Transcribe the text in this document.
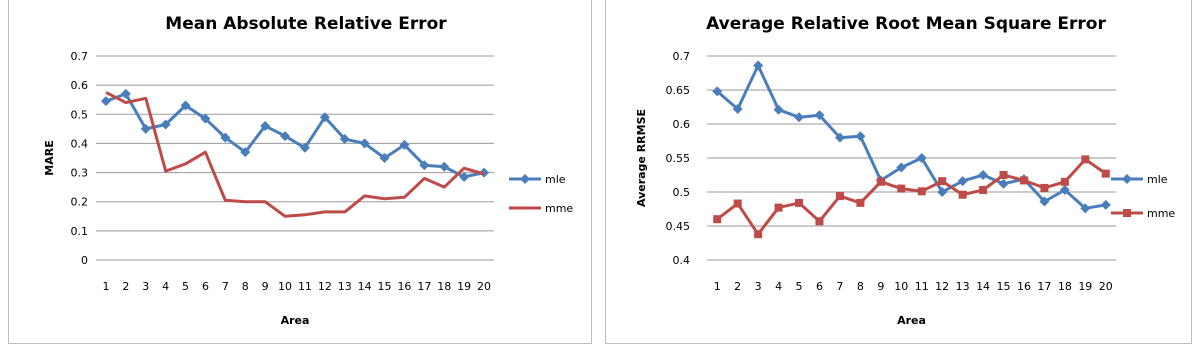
Mean Absolute Relative Error
0
0.1
0.2
0.3
0.4
0.5
0.6
0.7
1 2 3 4 5 6 7 8 9 10 11 12 13 14 15 16 17 18 19 20
Area
MARE
mle
mme
Average Relative Root Mean Square Error
0.4
0.45
0.5
0.55
0.6
0.65
0.7
1 2 3 4 5 6 7 8 9 10 11 12 13 14 15 16 17 18 19 20
Area
Average RRMSE	mle
mme
